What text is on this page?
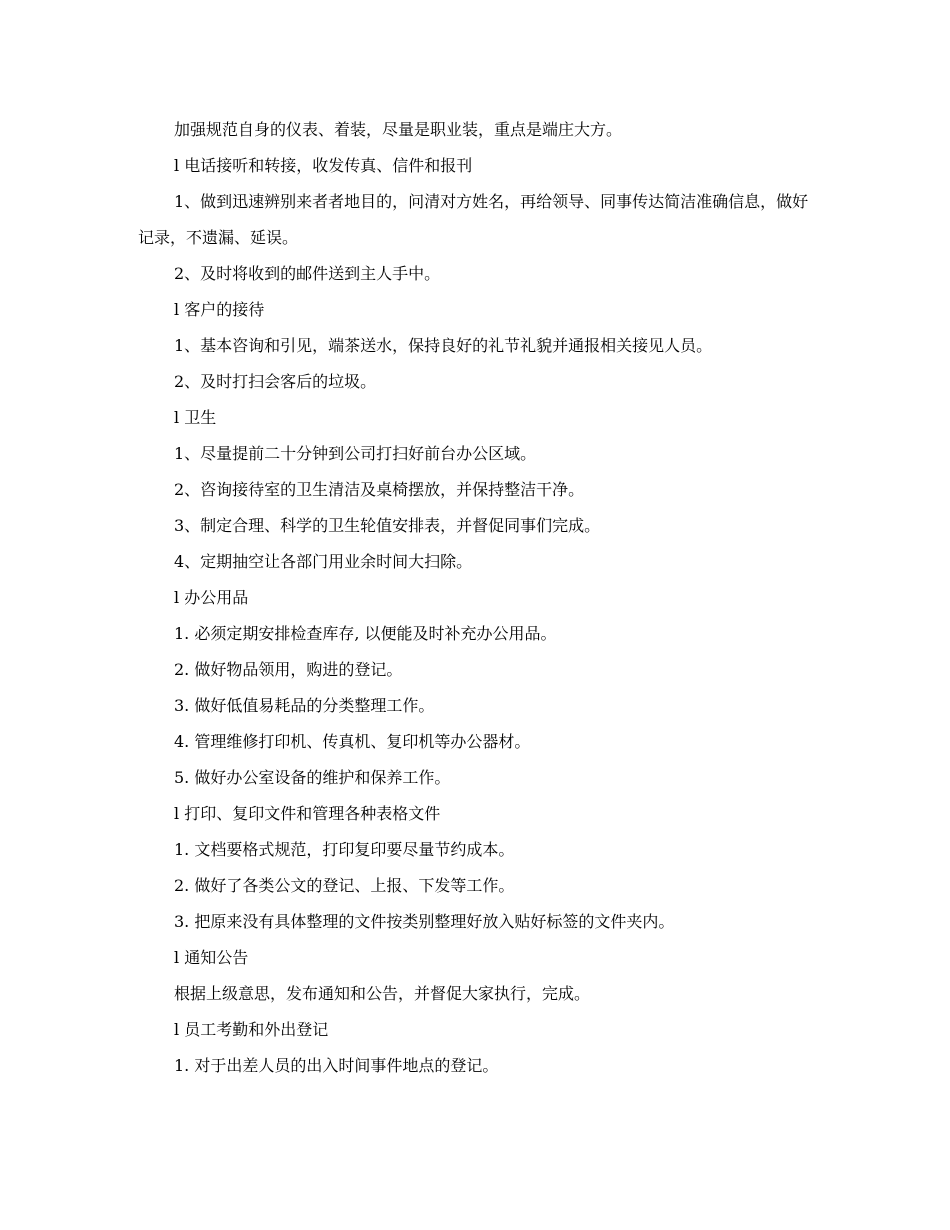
加强规范自身的仪表、着装，尽量是职业装，重点是端庄大方。

l 电话接听和转接，收发传真、信件和报刊

1、做到迅速辨别来者者地目的，问清对方姓名，再给领导、同事传达简洁准确信息，做好记录，不遗漏、延误。

2、及时将收到的邮件送到主人手中。

l 客户的接待

1、基本咨询和引见，端茶送水，保持良好的礼节礼貌并通报相关接见人员。

2、及时打扫会客后的垃圾。

l 卫生

1、尽量提前二十分钟到公司打扫好前台办公区域。

2、咨询接待室的卫生清洁及桌椅摆放，并保持整洁干净。

3、制定合理、科学的卫生轮值安排表，并督促同事们完成。

4、定期抽空让各部门用业余时间大扫除。

l 办公用品

1. 必须定期安排检查库存, 以便能及时补充办公用品。

2. 做好物品领用，购进的登记。

3. 做好低值易耗品的分类整理工作。

4. 管理维修打印机、传真机、复印机等办公器材。

5. 做好办公室设备的维护和保养工作。

l 打印、复印文件和管理各种表格文件

1. 文档要格式规范，打印复印要尽量节约成本。

2. 做好了各类公文的登记、上报、下发等工作。

3. 把原来没有具体整理的文件按类别整理好放入贴好标签的文件夹内。

l 通知公告

根据上级意思，发布通知和公告，并督促大家执行，完成。

l 员工考勤和外出登记

1. 对于出差人员的出入时间事件地点的登记。
